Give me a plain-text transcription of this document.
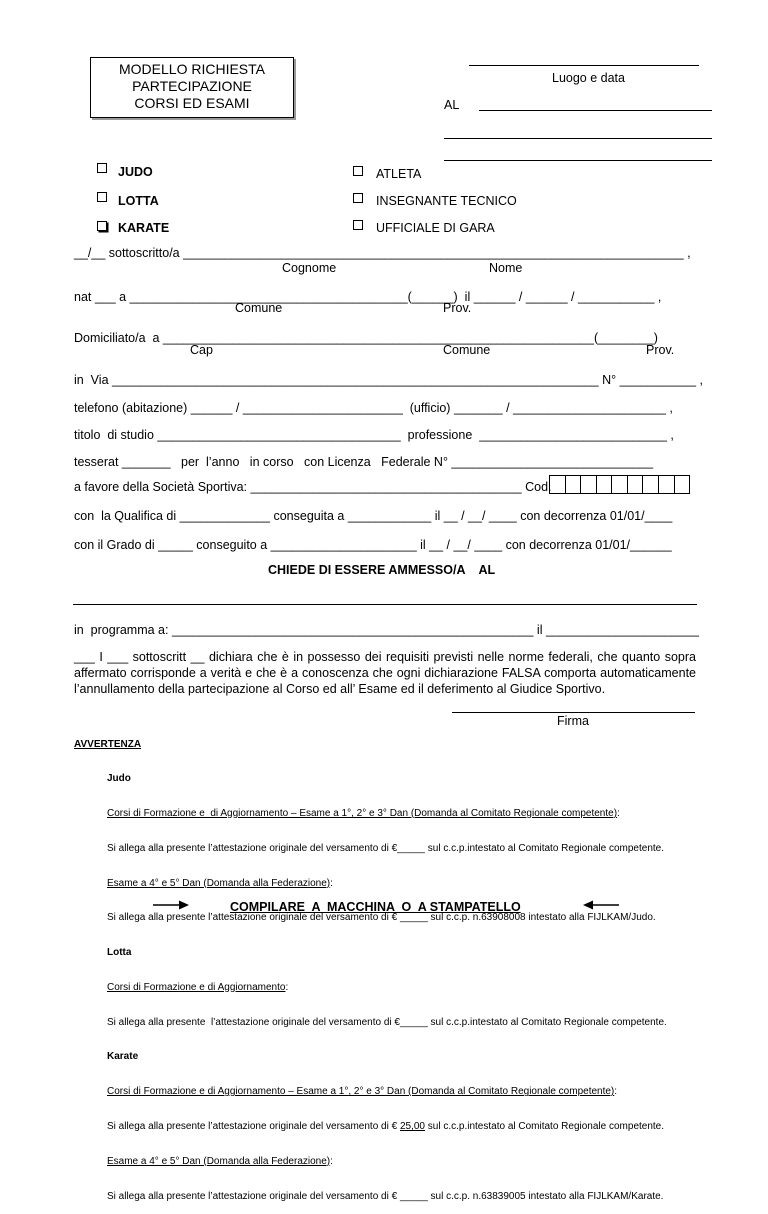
MODELLO RICHIESTA
PARTECIPAZIONE
CORSI ED ESAMI
Luogo e data
AL
JUDO
LOTTA
KARATE
ATLETA
INSEGNANTE TECNICO
UFFICIALE DI GARA
__/__ sottoscritto/a ________________________________________________________________________ ,
Cognome	Nome
nat ___ a ________________________________________(______)  il ______ / ______ / ___________ ,
Comune	Prov.
Domiciliato/a  a ______________________________________________________________(________)
Cap	Comune	Prov.
in  Via ______________________________________________________________________ N° ___________ ,
telefono (abitazione) ______ / _______________________  (ufficio) _______ / ______________________ ,
titolo  di studio ___________________________________  professione  ___________________________ ,
tesserat _______   per  l’anno   in corso   con Licenza   Federale N° _____________________________
a favore della Società Sportiva: _______________________________________ Cod.
con  la Qualifica di _____________ conseguita a ____________ il __ / __/ ____ con decorrenza 01/01/____
con il Grado di _____ conseguito a _____________________ il __ / __/ ____ con decorrenza 01/01/______
CHIEDE DI ESSERE AMMESSO/A    AL
in  programma a: ____________________________________________________ il ______________________
___ I ___ sottoscritt __ dichiara che è in possesso dei requisiti previsti nelle norme federali, che quanto sopra affermato corrisponde a verità e che è a conoscenza che ogni dichiarazione FALSA comporta automaticamente l’annullamento della partecipazione al Corso ed all’ Esame ed il deferimento al Giudice Sportivo.
Firma
AVVERTENZA

Judo

Corsi di Formazione e  di Aggiornamento – Esame a 1°, 2° e 3° Dan (Domanda al Comitato Regionale competente):

Si allega alla presente l’attestazione originale del versamento di €_____ sul c.c.p.intestato al Comitato Regionale competente.

Esame a 4° e 5° Dan (Domanda alla Federazione):

Si allega alla presente l’attestazione originale del versamento di € _____ sul c.c.p. n.63908008 intestato alla FIJLKAM/Judo.

Lotta

Corsi di Formazione e di Aggiornamento:

Si allega alla presente  l’attestazione originale del versamento di €_____ sul c.c.p.intestato al Comitato Regionale competente.

Karate

Corsi di Formazione e di Aggiornamento – Esame a 1°, 2° e 3° Dan (Domanda al Comitato Regionale competente):

Si allega alla presente l’attestazione originale del versamento di € 25,00 sul c.c.p.intestato al Comitato Regionale competente.

Esame a 4° e 5° Dan (Domanda alla Federazione):

Si allega alla presente l’attestazione originale del versamento di € _____ sul c.c.p. n.63839005 intestato alla FIJLKAM/Karate.

COMPILARE  A  MACCHINA  O  A STAMPATELLO
